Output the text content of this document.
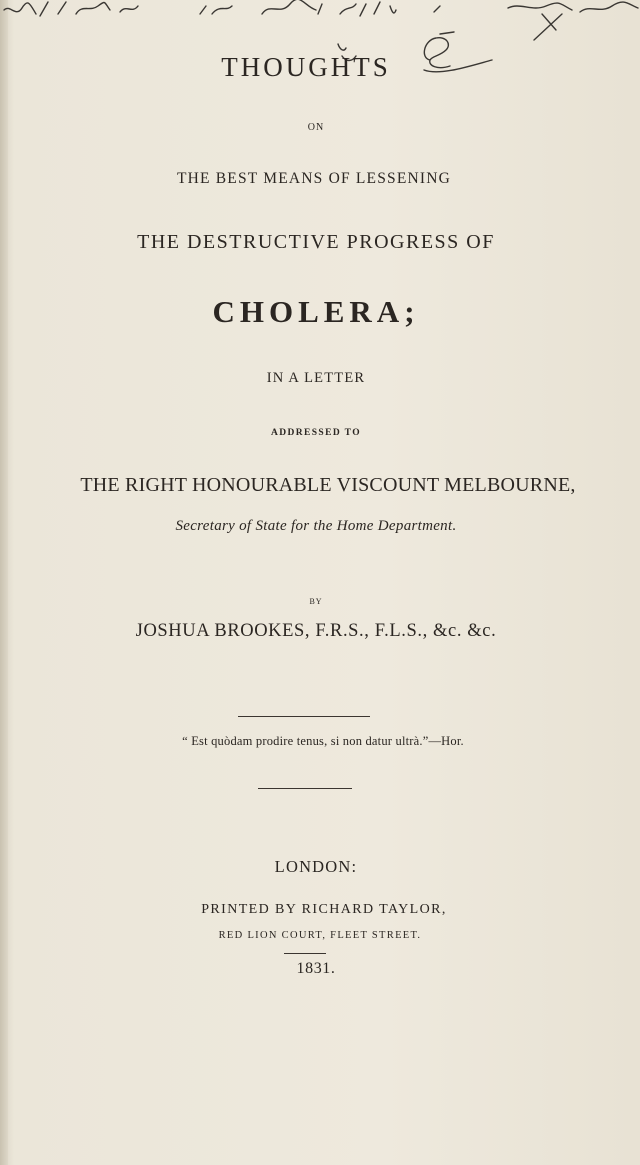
THOUGHTS
ON
THE BEST MEANS OF LESSENING
THE DESTRUCTIVE PROGRESS OF
CHOLERA;
IN A LETTER
ADDRESSED TO
THE RIGHT HONOURABLE VISCOUNT MELBOURNE,
Secretary of State for the Home Department.
BY
JOSHUA BROOKES, F.R.S., F.L.S., &c. &c.
“ Est quòdam prodire tenus, si non datur ultrà.”—Hor.
LONDON:
PRINTED BY RICHARD TAYLOR,
RED LION COURT, FLEET STREET.
1831.
